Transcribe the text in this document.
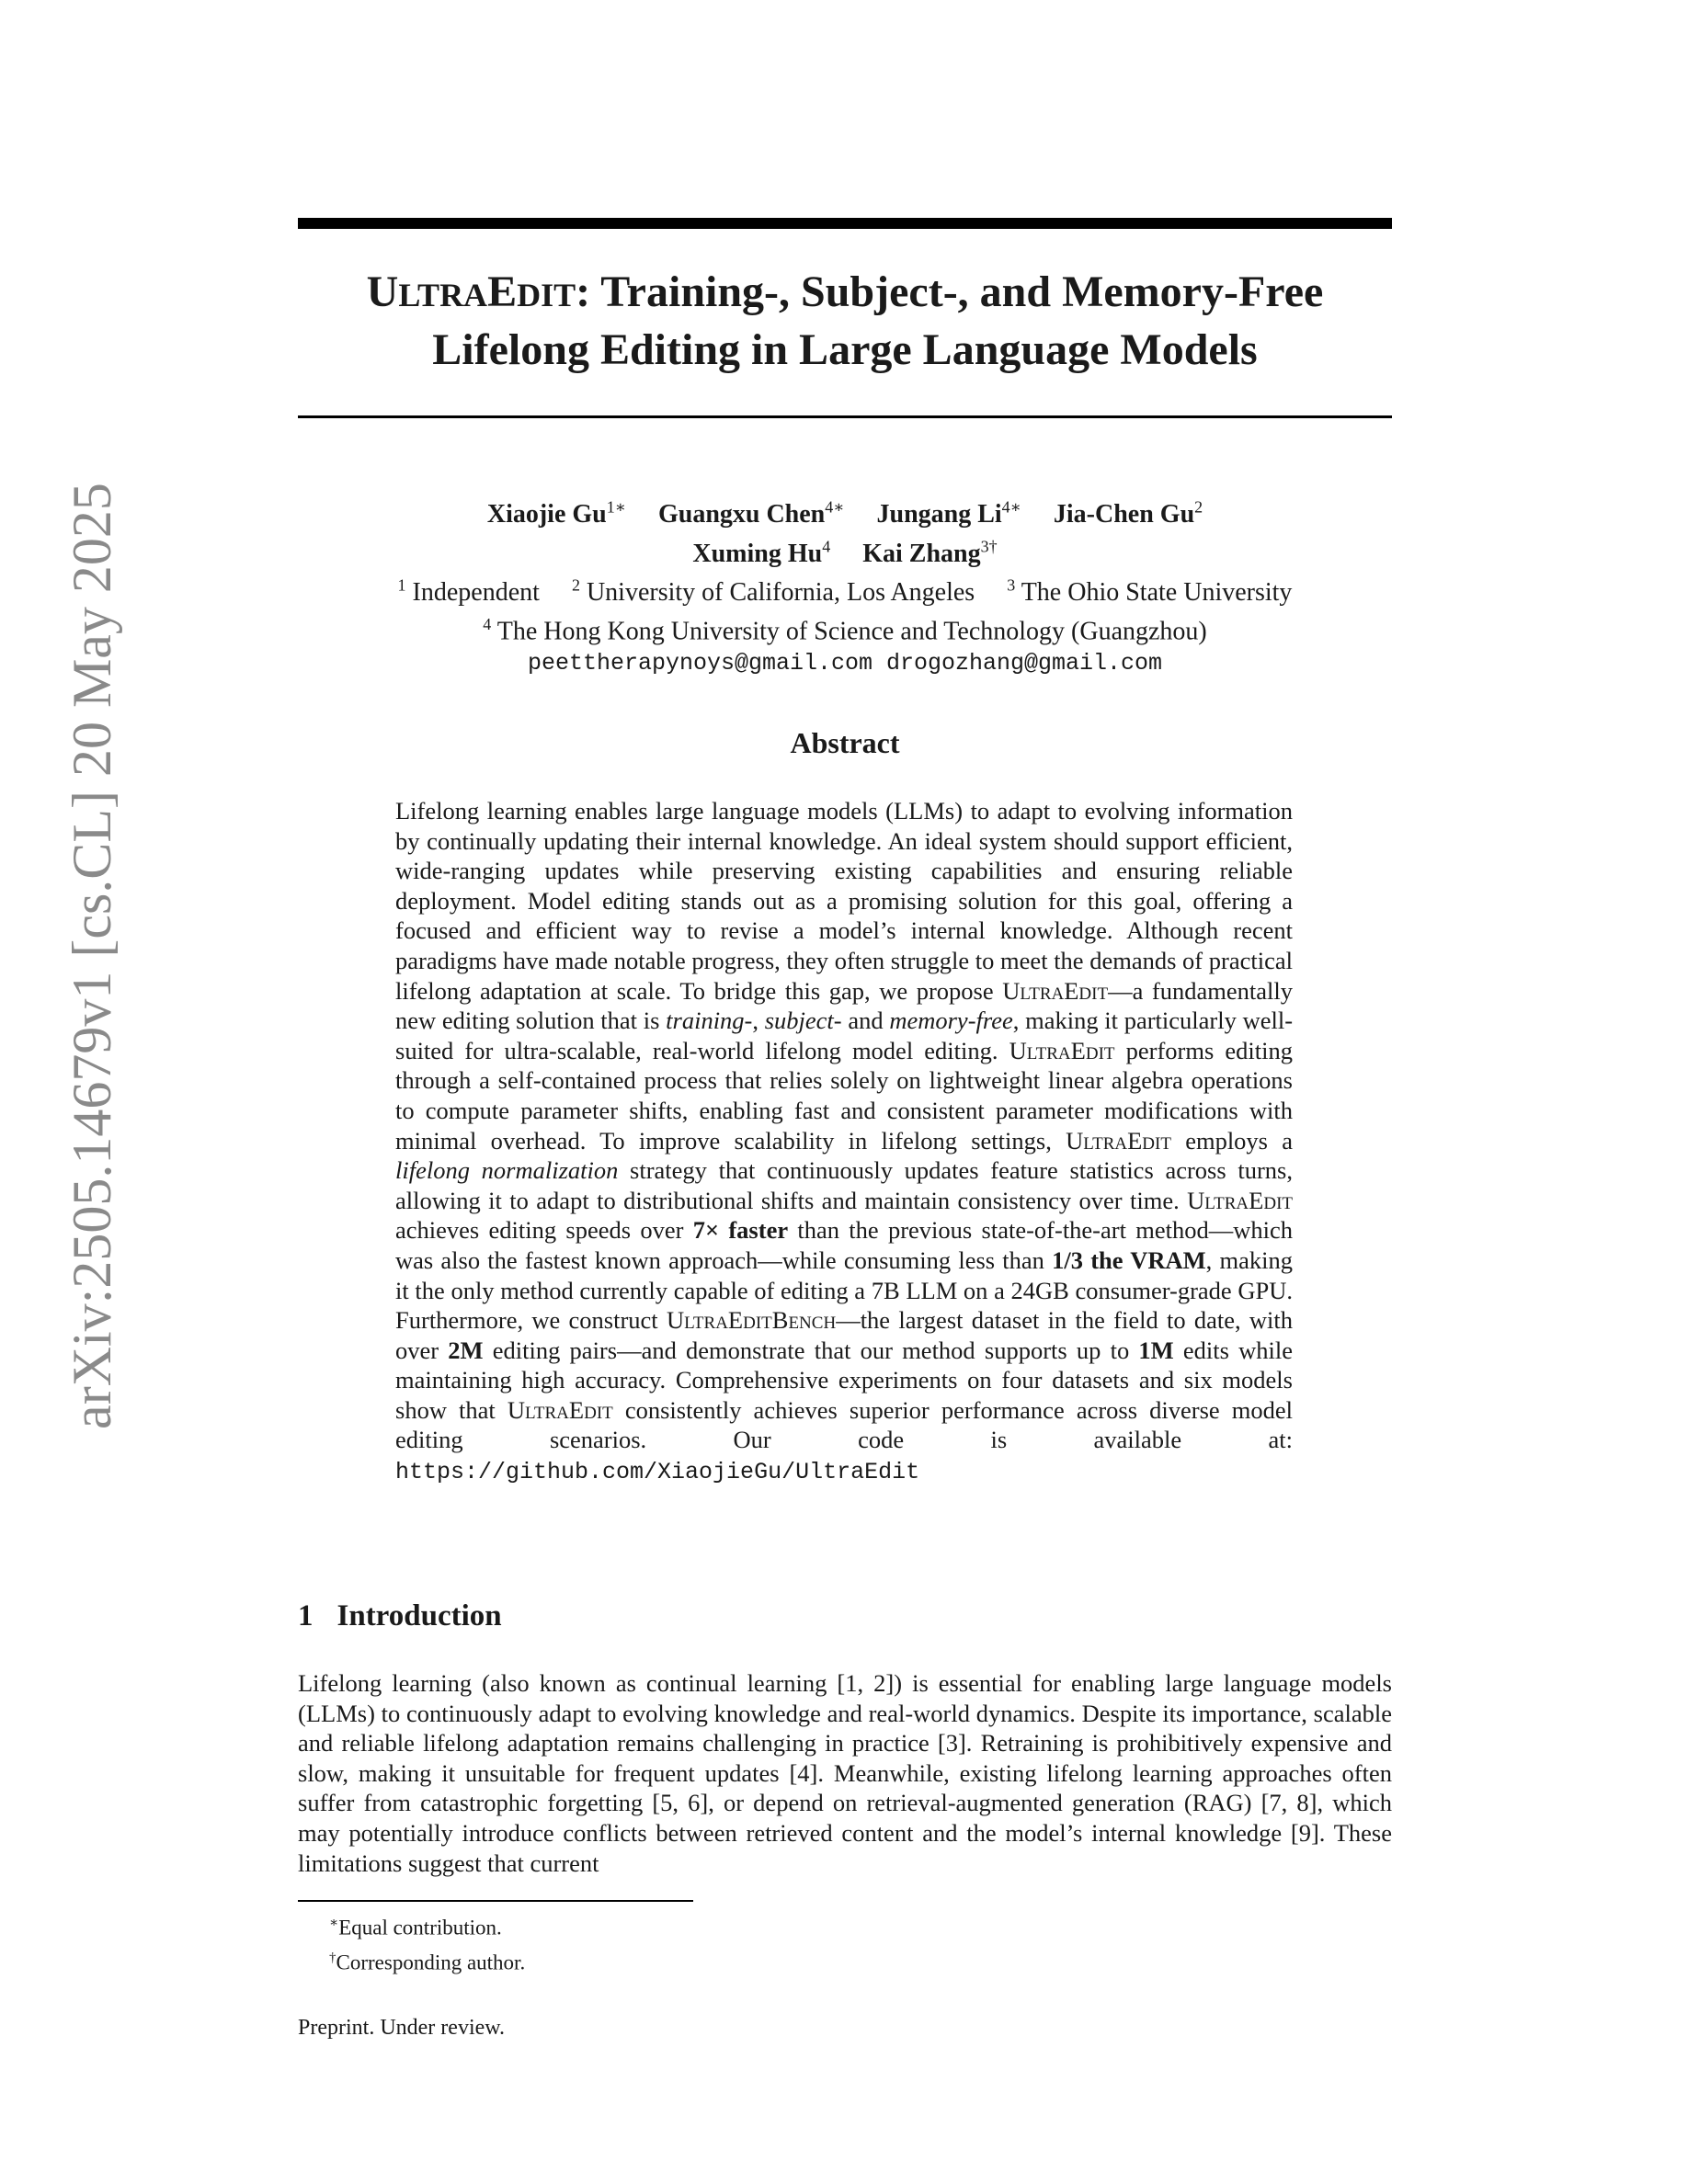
arXiv:2505.14679v1 [cs.CL] 20 May 2025
ULTRAEDIT: Training-, Subject-, and Memory-Free
Lifelong Editing in Large Language Models
Xiaojie $Gu^{1∗}$ Guangxu Chen$^{4∗}$ Jungang $Li^{4∗}$ Jia-Chen Gu$^2$
Xuming Hu$^4$ Kai Zhang$^{3\dagger}$
$^1$ Independent $^2$ University of California, Los Angeles $^3$ The Ohio State University
$^4$ The Hong Kong University of Science and Technology (Guangzhou)
peettherapynoys@gmail.com drogozhang@gmail.com
Abstract
Lifelong learning enables large language models (LLMs) to adapt to evolving information by continually updating their internal knowledge. An ideal system should support efficient, wide-ranging updates while preserving existing capabilities and ensuring reliable deployment. Model editing stands out as a promising solution for this goal, offering a focused and efficient way to revise a model’s internal knowledge. Although recent paradigms have made notable progress, they often struggle to meet the demands of practical lifelong adaptation at scale. To bridge this gap, we propose UltraEdit—a fundamentally new editing solution that is training-, subject- and memory-free, making it particularly well-suited for ultra-scalable, real-world lifelong model editing. UltraEdit performs editing through a self-contained process that relies solely on lightweight linear algebra operations to compute parameter shifts, enabling fast and consistent parameter modifications with minimal overhead. To improve scalability in lifelong settings, UltraEdit employs a lifelong normalization strategy that continuously updates feature statistics across turns, allowing it to adapt to distributional shifts and maintain consistency over time. UltraEdit achieves editing speeds over 7× faster than the previous state-of-the-art method—which was also the fastest known approach—while consuming less than 1/3 the VRAM, making it the only method currently capable of editing a 7B LLM on a 24GB consumer-grade GPU. Furthermore, we construct UltraEditBench—the largest dataset in the field to date, with over 2M editing pairs—and demonstrate that our method supports up to 1M edits while maintaining high accuracy. Comprehensive experiments on four datasets and six models show that UltraEdit consistently achieves superior performance across diverse model editing scenarios. Our code is available at: https://github.com/XiaojieGu/UltraEdit
1 Introduction
Lifelong learning (also known as continual learning [1, 2]) is essential for enabling large language models (LLMs) to continuously adapt to evolving knowledge and real-world dynamics. Despite its importance, scalable and reliable lifelong adaptation remains challenging in practice [3]. Retraining is prohibitively expensive and slow, making it unsuitable for frequent updates [4]. Meanwhile, existing lifelong learning approaches often suffer from catastrophic forgetting [5, 6], or depend on retrieval-augmented generation (RAG) [7, 8], which may potentially introduce conflicts between retrieved content and the model’s internal knowledge [9]. These limitations suggest that current
∗Equal contribution.
†Corresponding author.
Preprint. Under review.
